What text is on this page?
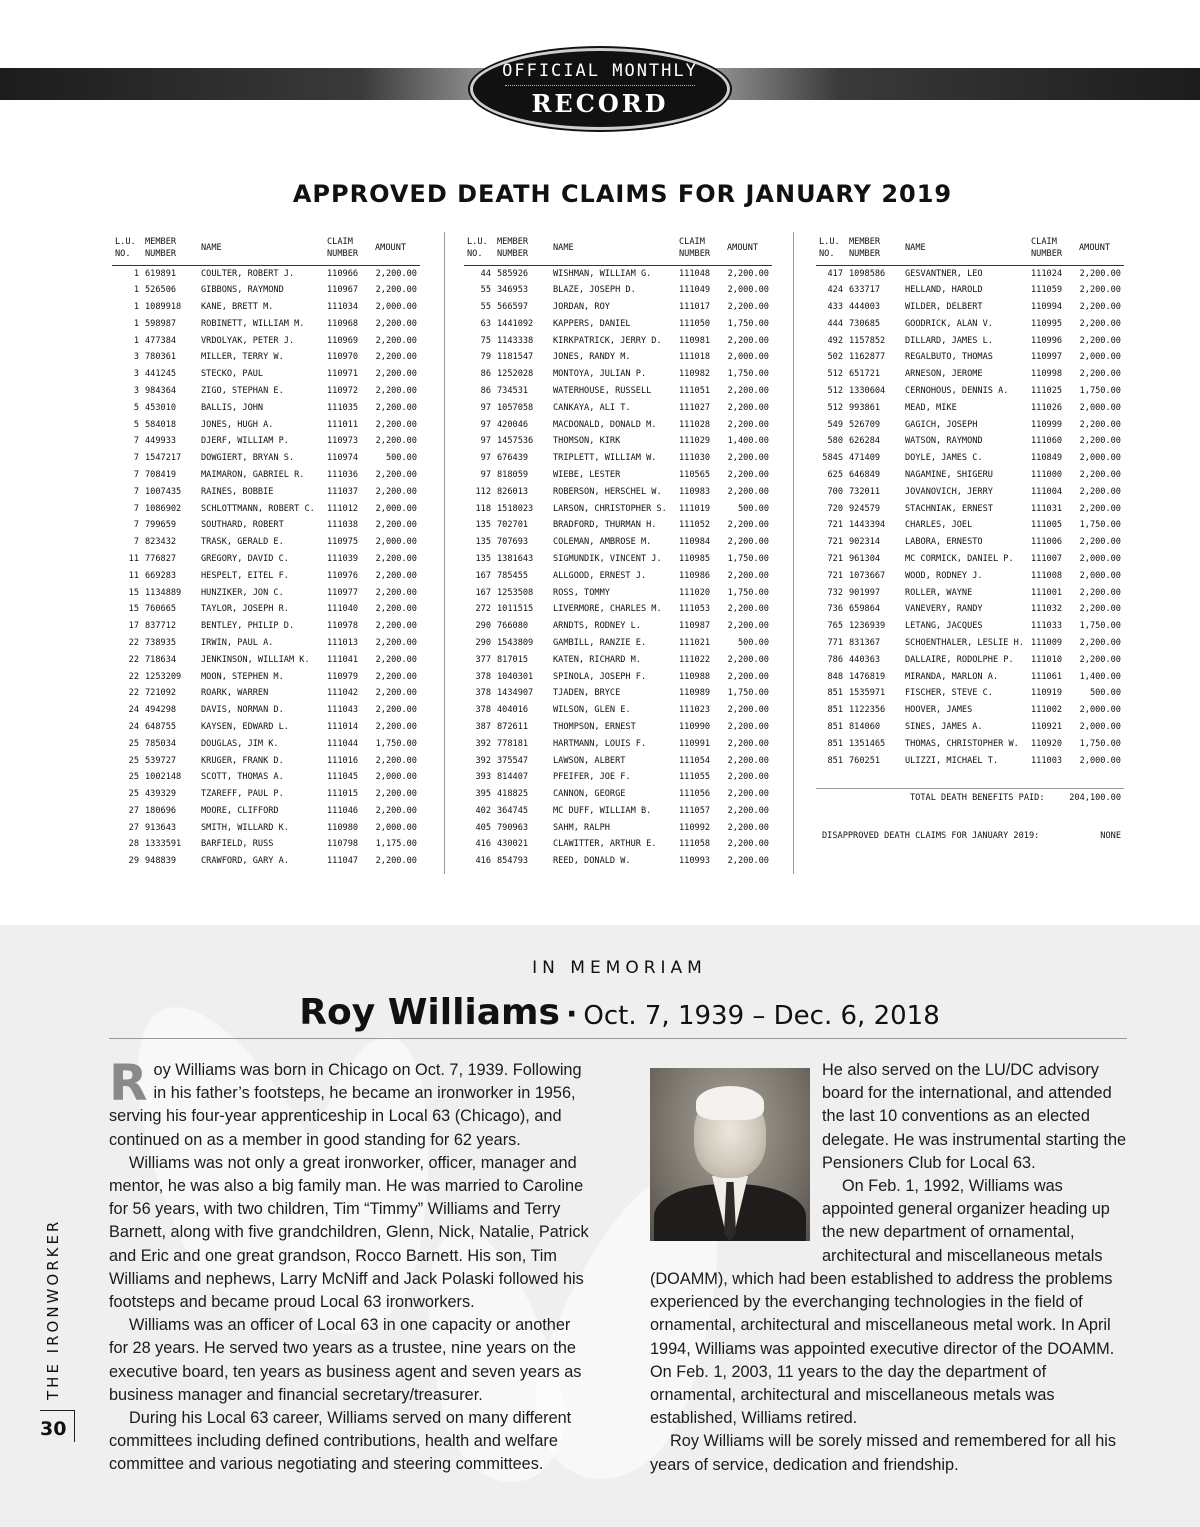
OFFICIAL MONTHLY
RECORD
APPROVED DEATH CLAIMS FOR JANUARY 2019
L.U. NO.	MEMBER NUMBER	NAME	CLAIM NUMBER	AMOUNT
1	619891	COULTER, ROBERT J.	110966	2,200.00
1	526506	GIBBONS, RAYMOND	110967	2,200.00
1	1089918	KANE, BRETT M.	111034	2,000.00
1	598987	ROBINETT, WILLIAM M.	110968	2,200.00
1	477384	VRDOLYAK, PETER J.	110969	2,200.00
3	780361	MILLER, TERRY W.	110970	2,200.00
3	441245	STECKO, PAUL	110971	2,200.00
3	984364	ZIGO, STEPHAN E.	110972	2,200.00
5	453010	BALLIS, JOHN	111035	2,200.00
5	584018	JONES, HUGH A.	111011	2,200.00
7	449933	DJERF, WILLIAM P.	110973	2,200.00
7	1547217	DOWGIERT, BRYAN S.	110974	500.00
7	708419	MAIMARON, GABRIEL R.	111036	2,200.00
7	1007435	RAINES, BOBBIE	111037	2,200.00
7	1086902	SCHLOTTMANN, ROBERT C.	111012	2,000.00
7	799659	SOUTHARD, ROBERT	111038	2,200.00
7	823432	TRASK, GERALD E.	110975	2,000.00
11	776827	GREGORY, DAVID C.	111039	2,200.00
11	669283	HESPELT, EITEL F.	110976	2,200.00
15	1134889	HUNZIKER, JON C.	110977	2,200.00
15	760665	TAYLOR, JOSEPH R.	111040	2,200.00
17	837712	BENTLEY, PHILIP D.	110978	2,200.00
22	738935	IRWIN, PAUL A.	111013	2,200.00
22	718634	JENKINSON, WILLIAM K.	111041	2,200.00
22	1253209	MOON, STEPHEN M.	110979	2,200.00
22	721092	ROARK, WARREN	111042	2,200.00
24	494298	DAVIS, NORMAN D.	111043	2,200.00
24	648755	KAYSEN, EDWARD L.	111014	2,200.00
25	785034	DOUGLAS, JIM K.	111044	1,750.00
25	539727	KRUGER, FRANK D.	111016	2,200.00
25	1002148	SCOTT, THOMAS A.	111045	2,000.00
25	439329	TZAREFF, PAUL P.	111015	2,200.00
27	180696	MOORE, CLIFFORD	111046	2,200.00
27	913643	SMITH, WILLARD K.	110980	2,000.00
28	1333591	BARFIELD, RUSS	110798	1,175.00
29	948839	CRAWFORD, GARY A.	111047	2,200.00
L.U. NO.	MEMBER NUMBER	NAME	CLAIM NUMBER	AMOUNT
44	585926	WISHMAN, WILLIAM G.	111048	2,200.00
55	346953	BLAZE, JOSEPH D.	111049	2,000.00
55	566597	JORDAN, ROY	111017	2,200.00
63	1441092	KAPPERS, DANIEL	111050	1,750.00
75	1143338	KIRKPATRICK, JERRY D.	110981	2,200.00
79	1181547	JONES, RANDY M.	111018	2,000.00
86	1252028	MONTOYA, JULIAN P.	110982	1,750.00
86	734531	WATERHOUSE, RUSSELL	111051	2,200.00
97	1057058	CANKAYA, ALI T.	111027	2,200.00
97	420046	MACDONALD, DONALD M.	111028	2,200.00
97	1457536	THOMSON, KIRK	111029	1,400.00
97	676439	TRIPLETT, WILLIAM W.	111030	2,200.00
97	818059	WIEBE, LESTER	110565	2,200.00
112	826013	ROBERSON, HERSCHEL W.	110983	2,200.00
118	1518023	LARSON, CHRISTOPHER S.	111019	500.00
135	702701	BRADFORD, THURMAN H.	111052	2,200.00
135	707693	COLEMAN, AMBROSE M.	110984	2,200.00
135	1381643	SIGMUNDIK, VINCENT J.	110985	1,750.00
167	785455	ALLGOOD, ERNEST J.	110986	2,200.00
167	1253508	ROSS, TOMMY	111020	1,750.00
272	1011515	LIVERMORE, CHARLES M.	111053	2,200.00
290	766080	ARNDTS, RODNEY L.	110987	2,200.00
290	1543809	GAMBILL, RANZIE E.	111021	500.00
377	817015	KATEN, RICHARD M.	111022	2,200.00
378	1040301	SPINOLA, JOSEPH F.	110988	2,200.00
378	1434907	TJADEN, BRYCE	110989	1,750.00
378	404016	WILSON, GLEN E.	111023	2,200.00
387	872611	THOMPSON, ERNEST	110990	2,200.00
392	778181	HARTMANN, LOUIS F.	110991	2,200.00
392	375547	LAWSON, ALBERT	111054	2,200.00
393	814407	PFEIFER, JOE F.	111055	2,200.00
395	418825	CANNON, GEORGE	111056	2,200.00
402	364745	MC DUFF, WILLIAM B.	111057	2,200.00
405	790963	SAHM, RALPH	110992	2,200.00
416	430021	CLAWITTER, ARTHUR E.	111058	2,200.00
416	854793	REED, DONALD W.	110993	2,200.00
L.U. NO.	MEMBER NUMBER	NAME	CLAIM NUMBER	AMOUNT
417	1098586	GESVANTNER, LEO	111024	2,200.00
424	633717	HELLAND, HAROLD	111059	2,200.00
433	444003	WILDER, DELBERT	110994	2,200.00
444	730685	GOODRICK, ALAN V.	110995	2,200.00
492	1157852	DILLARD, JAMES L.	110996	2,200.00
502	1162877	REGALBUTO, THOMAS	110997	2,000.00
512	651721	ARNESON, JEROME	110998	2,200.00
512	1330604	CERNOHOUS, DENNIS A.	111025	1,750.00
512	993861	MEAD, MIKE	111026	2,000.00
549	526709	GAGICH, JOSEPH	110999	2,200.00
580	626284	WATSON, RAYMOND	111060	2,200.00
584S	471409	DOYLE, JAMES C.	110849	2,000.00
625	646849	NAGAMINE, SHIGERU	111000	2,200.00
700	732011	JOVANOVICH, JERRY	111004	2,200.00
720	924579	STACHNIAK, ERNEST	111031	2,200.00
721	1443394	CHARLES, JOEL	111005	1,750.00
721	902314	LABORA, ERNESTO	111006	2,200.00
721	961304	MC CORMICK, DANIEL P.	111007	2,000.00
721	1073667	WOOD, RODNEY J.	111008	2,000.00
732	901997	ROLLER, WAYNE	111001	2,200.00
736	659864	VANEVERY, RANDY	111032	2,200.00
765	1236939	LETANG, JACQUES	111033	1,750.00
771	831367	SCHOENTHALER, LESLIE H.	111009	2,200.00
786	440363	DALLAIRE, RODOLPHE P.	111010	2,200.00
848	1476819	MIRANDA, MARLON A.	111061	1,400.00
851	1535971	FISCHER, STEVE C.	110919	500.00
851	1122356	HOOVER, JAMES	111002	2,000.00
851	814060	SINES, JAMES A.	110921	2,000.00
851	1351465	THOMAS, CHRISTOPHER W.	110920	1,750.00
851	760251	ULIZZI, MICHAEL T.	111003	2,000.00
TOTAL DEATH BENEFITS PAID:	204,100.00
DISAPPROVED DEATH CLAIMS FOR JANUARY 2019:	NONE
IN MEMORIAM
Roy Williams · Oct. 7, 1939 – Dec. 6, 2018

Roy Williams was born in Chicago on Oct. 7, 1939. Following in his father’s footsteps, he became an ironworker in 1956, serving his four-year apprenticeship in Local 63 (Chicago), and continued on as a member in good standing for 62 years.

Williams was not only a great ironworker, officer, manager and mentor, he was also a big family man. He was married to Caroline for 56 years, with two children, Tim “Timmy” Williams and Terry Barnett, along with five grandchildren, Glenn, Nick, Natalie, Patrick and Eric and one great grandson, Rocco Barnett. His son, Tim Williams and nephews, Larry McNiff and Jack Polaski followed his footsteps and became proud Local 63 ironworkers.

Williams was an officer of Local 63 in one capacity or another for 28 years. He served two years as a trustee, nine years on the executive board, ten years as business agent and seven years as business manager and financial secretary/treasurer.

During his Local 63 career, Williams served on many different committees including defined contributions, health and welfare committee and various negotiating and steering committees.

He also served on the LU/DC advisory board for the international, and attended the last 10 conventions as an elected delegate. He was instrumental starting the Pensioners Club for Local 63.

On Feb. 1, 1992, Williams was appointed general organizer heading up the new department of ornamental, architectural and miscellaneous metals

(DOAMM), which had been established to address the problems experienced by the everchanging technologies in the field of ornamental, architectural and miscellaneous metal work. In April 1994, Williams was appointed executive director of the DOAMM. On Feb. 1, 2003, 11 years to the day the department of ornamental, architectural and miscellaneous metals was established, Williams retired.

Roy Williams will be sorely missed and remembered for all his years of service, dedication and friendship.

THE IRONWORKER
30
